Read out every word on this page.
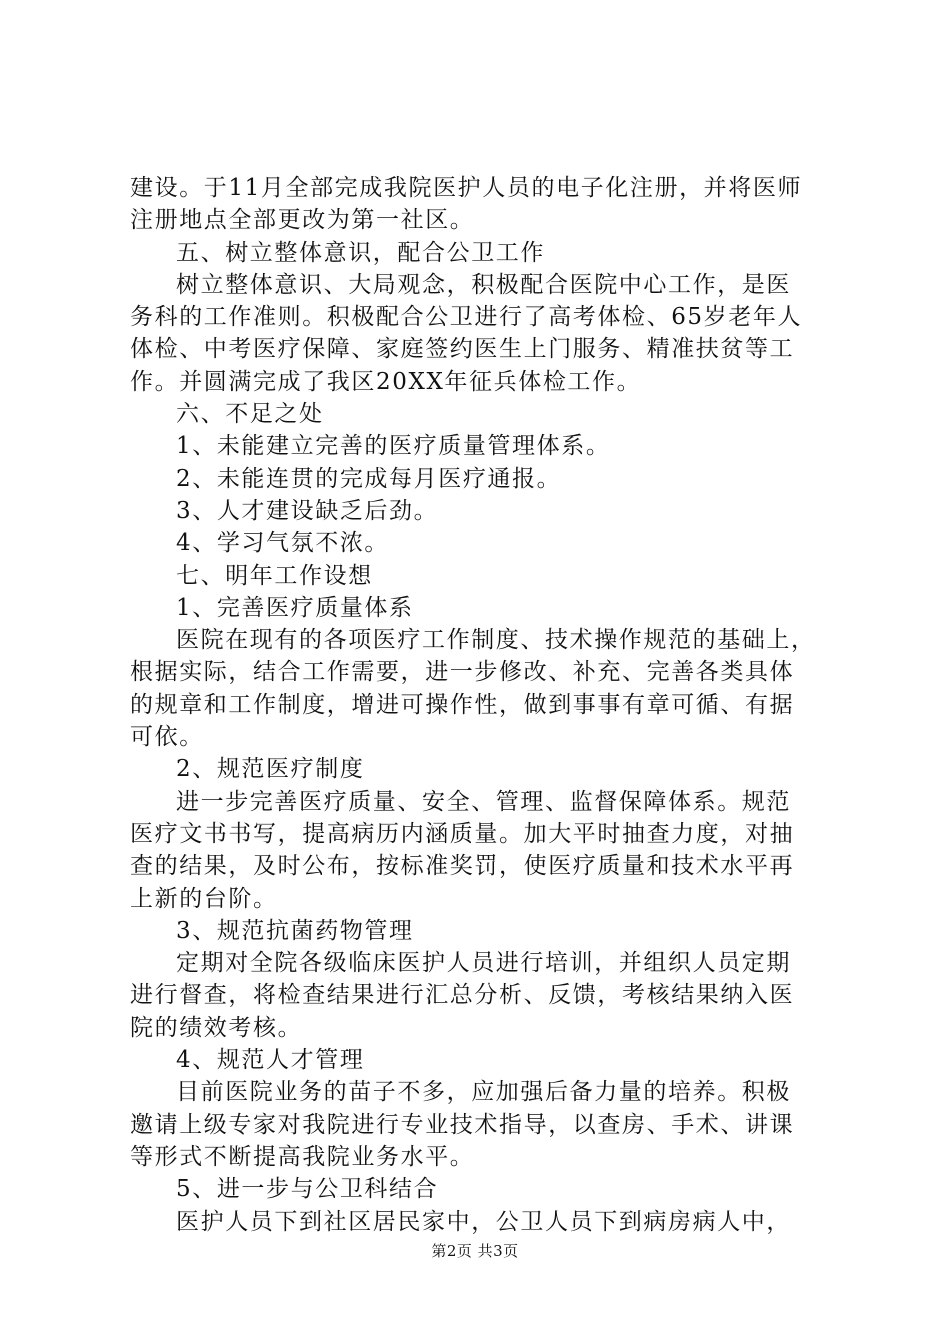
建设。于11月全部完成我院医护人员的电子化注册，并将医师
注册地点全部更改为第一社区。
五、树立整体意识，配合公卫工作
树立整体意识、大局观念，积极配合医院中心工作，是医
务科的工作准则。积极配合公卫进行了高考体检、65岁老年人
体检、中考医疗保障、家庭签约医生上门服务、精准扶贫等工
作。并圆满完成了我区20XX年征兵体检工作。
六、不足之处
1、未能建立完善的医疗质量管理体系。
2、未能连贯的完成每月医疗通报。
3、人才建设缺乏后劲。
4、学习气氛不浓。
七、明年工作设想
1、完善医疗质量体系
医院在现有的各项医疗工作制度、技术操作规范的基础上，
根据实际，结合工作需要，进一步修改、补充、完善各类具体
的规章和工作制度，增进可操作性，做到事事有章可循、有据
可依。
2、规范医疗制度
进一步完善医疗质量、安全、管理、监督保障体系。规范
医疗文书书写，提高病历内涵质量。加大平时抽查力度，对抽
查的结果，及时公布，按标准奖罚，使医疗质量和技术水平再
上新的台阶。
3、规范抗菌药物管理
定期对全院各级临床医护人员进行培训，并组织人员定期
进行督查，将检查结果进行汇总分析、反馈，考核结果纳入医
院的绩效考核。
4、规范人才管理
目前医院业务的苗子不多，应加强后备力量的培养。积极
邀请上级专家对我院进行专业技术指导，以查房、手术、讲课
等形式不断提高我院业务水平。
5、进一步与公卫科结合
医护人员下到社区居民家中，公卫人员下到病房病人中，
第2页 共3页
